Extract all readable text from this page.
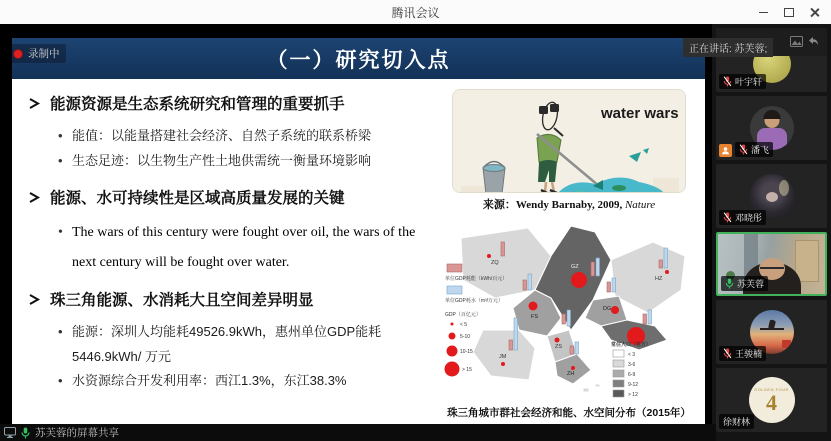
腾讯会议
录制中	（一）研究切入点
能源资源是生态系统研究和管理的重要抓手
• 能值：以能量搭建社会经济、自然子系统的联系桥梁
• 生态足迹：以生物生产性土地供需统一衡量环境影响
能源、水可持续性是区域高质量发展的关键
• The wars of this century were fought over oil, the wars of the next century will be fought over water.
珠三角能源、水消耗大且空间差异明显
• 能源：深圳人均能耗49526.9kWh，惠州单位GDP能耗5446.9kWh/ 万元
• 水资源综合开发利用率：西江1.3%，东江38.3%
water wars
来源：Wendy Barnaby, 2009, Nature
ZQ
GZ
HZ
FS
DG
JM
ZS
ZH
单位GDP耗能（kWh/百元）
单位GDP耗水（m³/万元）
GDP（百亿元）
< 5
5-10
10-15
> 15
常住人口（百万）
< 3
3-6
6-9
9-12
> 12
珠三角城市群社会经济和能、水空间分布（2015年）
苏芙蓉的屏幕共享
叶宇轩
潘飞
邓晓彤
苏芙蓉
王骏楠
GOLDEN FOUR
4
徐财林
正在讲话: 苏芙蓉;
